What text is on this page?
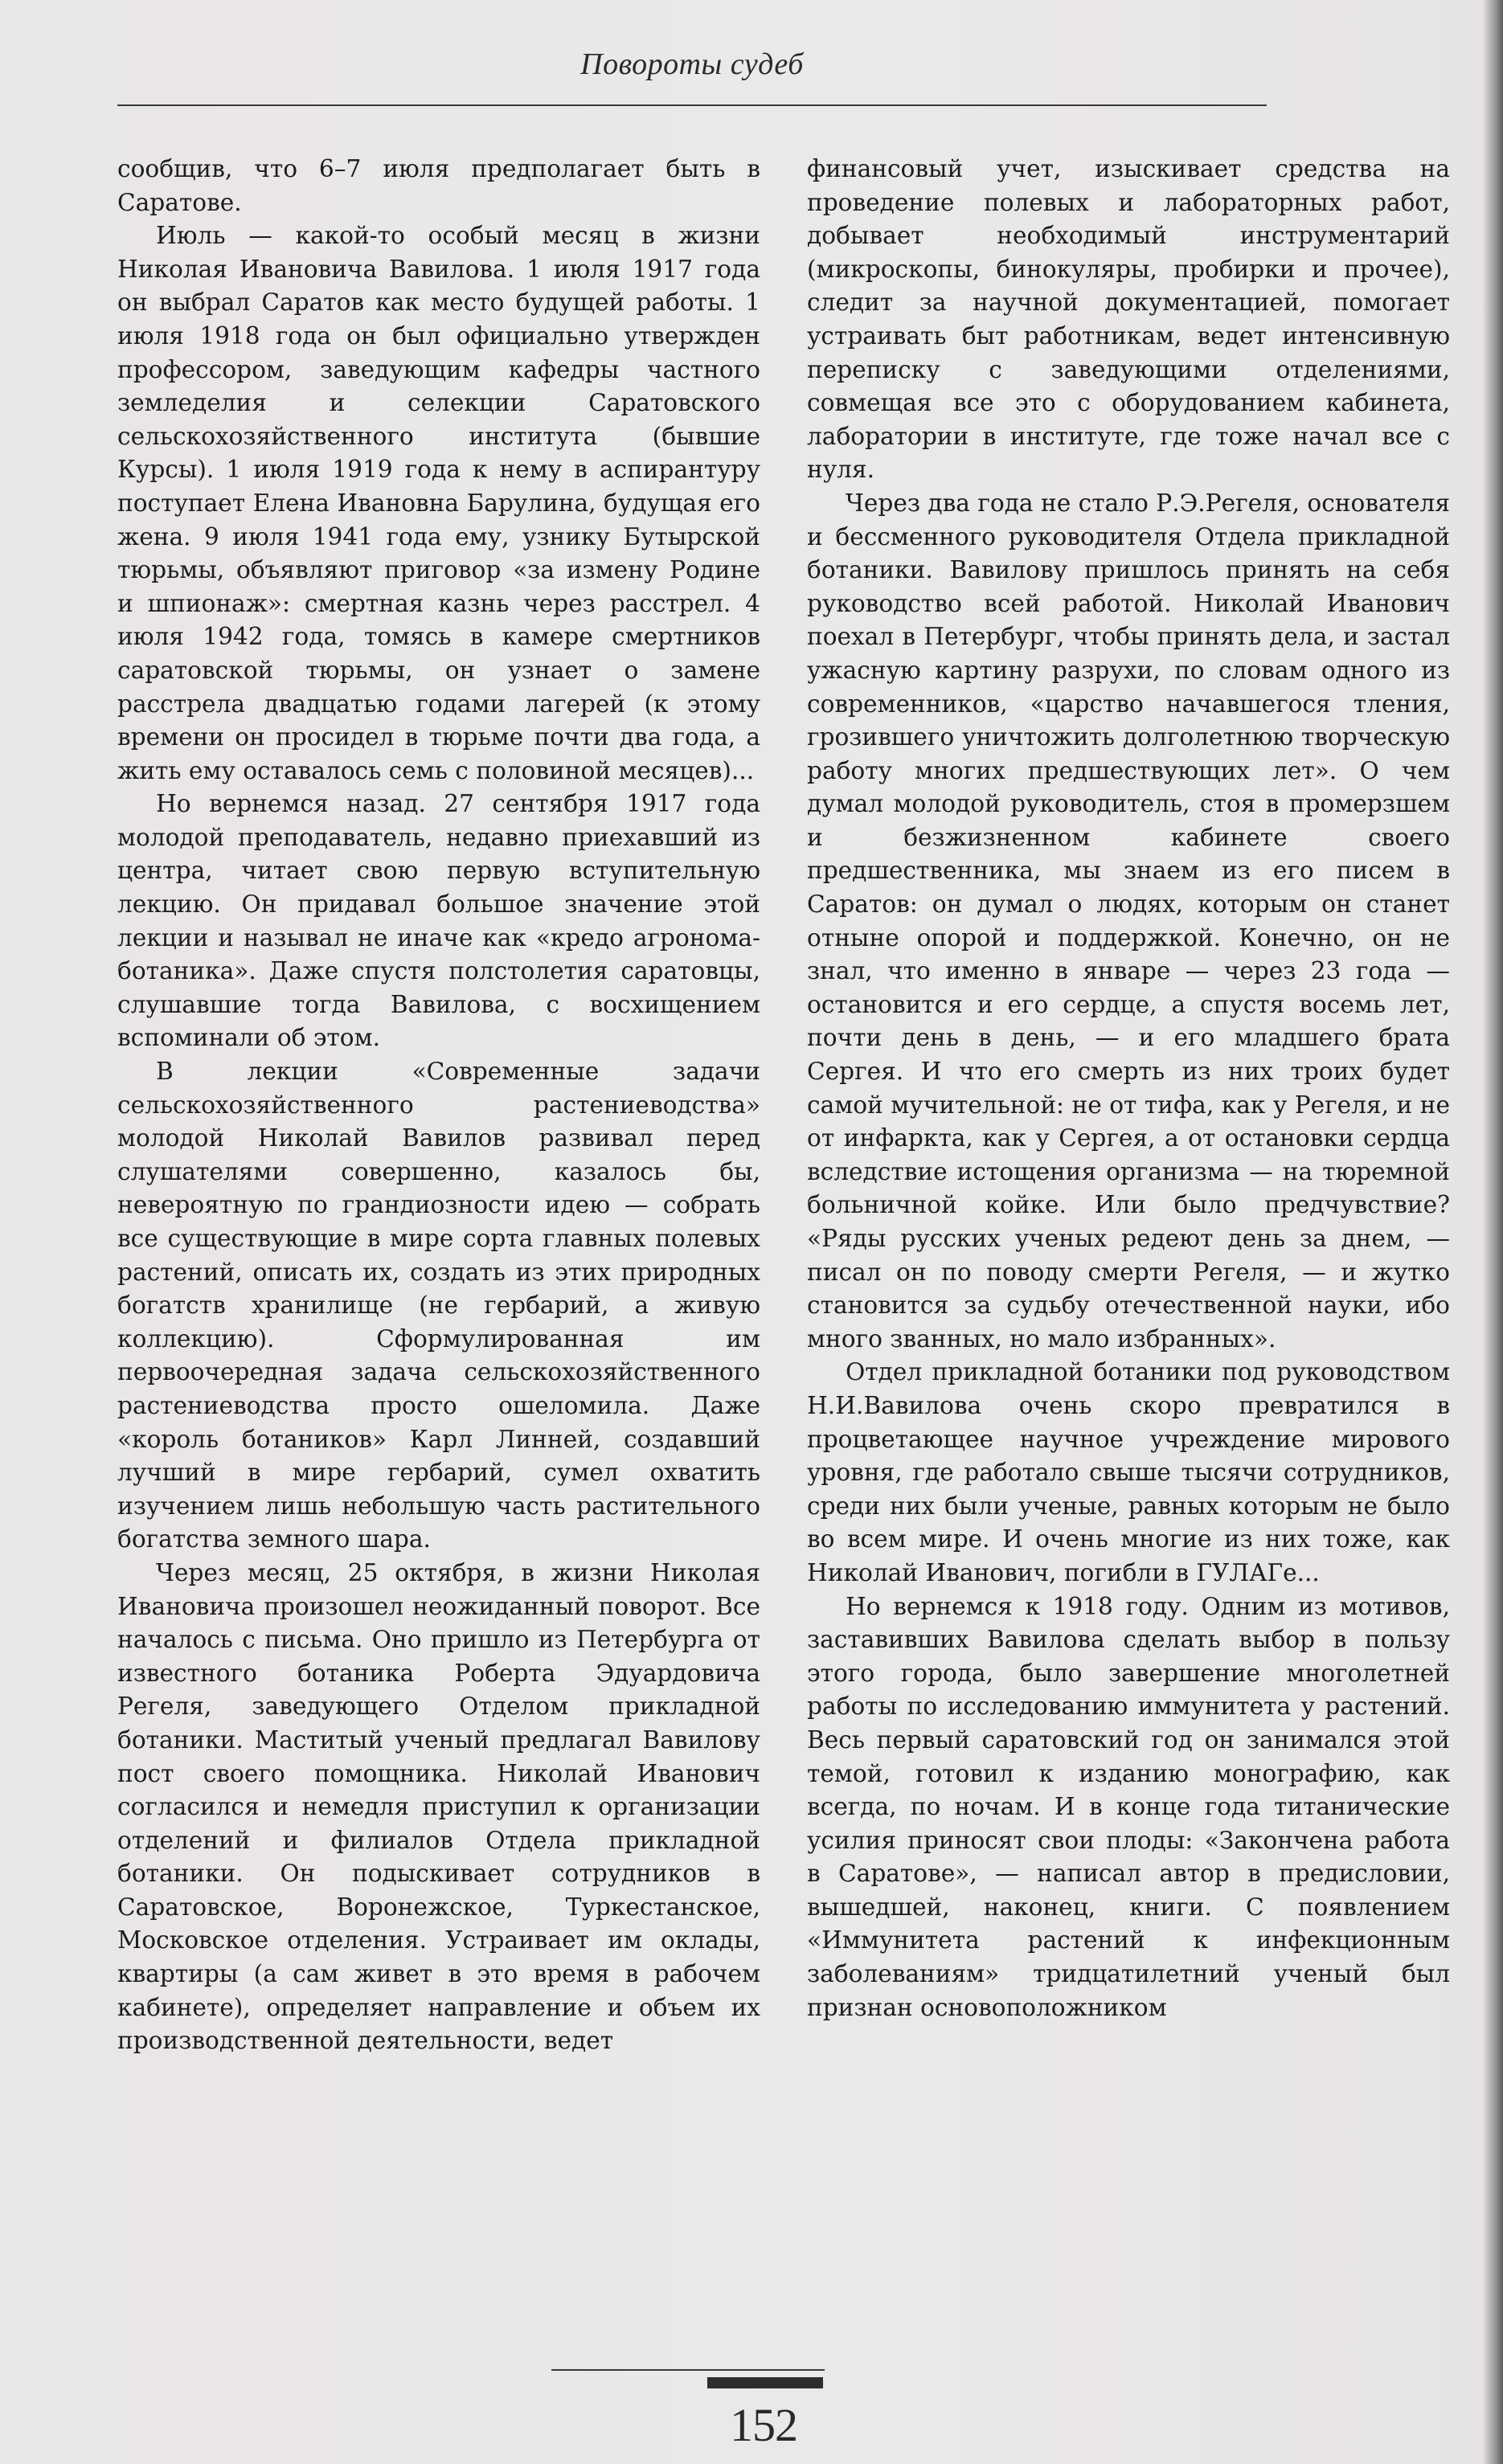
Повороты судеб

сообщив, что 6–7 июля предполагает быть в Саратове.

Июль — какой-то особый месяц в жизни Николая Ивановича Вавилова. 1 июля 1917 года он выбрал Саратов как место будущей работы. 1 июля 1918 года он был официально утвержден профессором, заведующим кафедры частного земледелия и селекции Саратовского сельскохозяйственного института (бывшие Курсы). 1 июля 1919 года к нему в аспирантуру поступает Елена Ивановна Барулина, будущая его жена. 9 июля 1941 года ему, узнику Бутырской тюрьмы, объявляют приговор «за измену Родине и шпионаж»: смертная казнь через расстрел. 4 июля 1942 года, томясь в камере смертников саратовской тюрьмы, он узнает о замене расстрела двадцатью годами лагерей (к этому времени он просидел в тюрьме почти два года, а жить ему оставалось семь с половиной месяцев)...

Но вернемся назад. 27 сентября 1917 года молодой преподаватель, недавно приехавший из центра, читает свою первую вступительную лекцию. Он придавал большое значение этой лекции и называл не иначе как «кредо агронома-ботаника». Даже спустя полстолетия саратовцы, слушавшие тогда Вавилова, с восхищением вспоминали об этом.

В лекции «Современные задачи сельскохозяйственного растениеводства» молодой Николай Вавилов развивал перед слушателями совершенно, казалось бы, невероятную по грандиозности идею — собрать все существующие в мире сорта главных полевых растений, описать их, создать из этих природных богатств хранилище (не гербарий, а живую коллекцию). Сформулированная им первоочередная задача сельскохозяйственного растениеводства просто ошеломила. Даже «король ботаников» Карл Линней, создавший лучший в мире гербарий, сумел охватить изучением лишь небольшую часть растительного богатства земного шара.

Через месяц, 25 октября, в жизни Николая Ивановича произошел неожиданный поворот. Все началось с письма. Оно пришло из Петербурга от известного ботаника Роберта Эдуардовича Регеля, заведующего Отделом прикладной ботаники. Маститый ученый предлагал Вавилову пост своего помощника. Николай Иванович согласился и немедля приступил к организации отделений и филиалов Отдела прикладной ботаники. Он подыскивает сотрудников в Саратовское, Воронежское, Туркестанское, Московское отделения. Устраивает им оклады, квартиры (а сам живет в это время в рабочем кабинете), определяет направление и объем их производственной деятельности, ведет

финансовый учет, изыскивает средства на проведение полевых и лабораторных работ, добывает необходимый инструментарий (микроскопы, бинокуляры, пробирки и прочее), следит за научной документацией, помогает устраивать быт работникам, ведет интенсивную переписку с заведующими отделениями, совмещая все это с оборудованием кабинета, лаборатории в институте, где тоже начал все с нуля.

Через два года не стало Р.Э.Регеля, основателя и бессменного руководителя Отдела прикладной ботаники. Вавилову пришлось принять на себя руководство всей работой. Николай Иванович поехал в Петербург, чтобы принять дела, и застал ужасную картину разрухи, по словам одного из современников, «царство начавшегося тления, грозившего уничтожить долголетнюю творческую работу многих предшествующих лет». О чем думал молодой руководитель, стоя в промерзшем и безжизненном кабинете своего предшественника, мы знаем из его писем в Саратов: он думал о людях, которым он станет отныне опорой и поддержкой. Конечно, он не знал, что именно в январе — через 23 года — остановится и его сердце, а спустя восемь лет, почти день в день, — и его младшего брата Сергея. И что его смерть из них троих будет самой мучительной: не от тифа, как у Регеля, и не от инфаркта, как у Сергея, а от остановки сердца вследствие истощения организма — на тюремной больничной койке. Или было предчувствие? «Ряды русских ученых редеют день за днем, — писал он по поводу смерти Регеля, — и жутко становится за судьбу отечественной науки, ибо много званных, но мало избранных».

Отдел прикладной ботаники под руководством Н.И.Вавилова очень скоро превратился в процветающее научное учреждение мирового уровня, где работало свыше тысячи сотрудников, среди них были ученые, равных которым не было во всем мире. И очень многие из них тоже, как Николай Иванович, погибли в ГУЛАГе...

Но вернемся к 1918 году. Одним из мотивов, заставивших Вавилова сделать выбор в пользу этого города, было завершение многолетней работы по исследованию иммунитета у растений. Весь первый саратовский год он занимался этой темой, готовил к изданию монографию, как всегда, по ночам. И в конце года титанические усилия приносят свои плоды: «Закончена работа в Саратове», — написал автор в предисловии, вышедшей, наконец, книги. С появлением «Иммунитета растений к инфекционным заболеваниям» тридцатилетний ученый был признан основоположником

152
